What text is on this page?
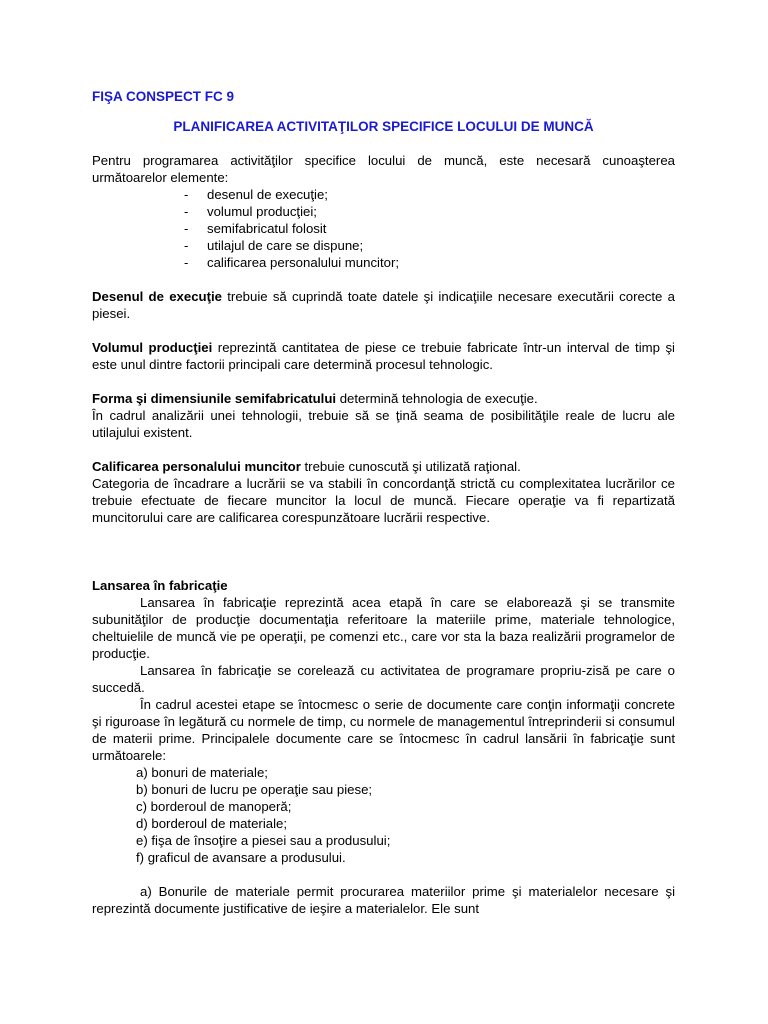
FIŞA CONSPECT FC 9
PLANIFICAREA ACTIVITAŢILOR SPECIFICE LOCULUI DE MUNCĂ

Pentru programarea activităţilor specifice locului de muncă, este necesară cunoaşterea următoarelor elemente:

- desenul de execuţie;
- volumul producţiei;
- semifabricatul folosit
- utilajul de care se dispune;
- calificarea personalului muncitor;

Desenul de execuţie trebuie să cuprindă toate datele şi indicaţiile necesare executării corecte a piesei.

Volumul producţiei reprezintă cantitatea de piese ce trebuie fabricate într-un interval de timp şi este unul dintre factorii principali care determină procesul tehnologic.

Forma şi dimensiunile semifabricatului determină tehnologia de execuţie.

În cadrul analizării unei tehnologii, trebuie să se ţină seama de posibilităţile reale de lucru ale utilajului existent.

Calificarea personalului muncitor trebuie cunoscută şi utilizată raţional.

Categoria de încadrare a lucrării se va stabili în concordanţă strictă cu complexitatea lucrărilor ce trebuie efectuate de fiecare muncitor la locul de muncă. Fiecare operaţie va fi repartizată muncitorului care are calificarea corespunzătoare lucrării respective.

Lansarea în fabricaţie

Lansarea în fabricaţie reprezintă acea etapă în care se elaborează şi se transmite subunităţilor de producţie documentaţia referitoare la materiile prime, materiale tehnologice, cheltuielile de muncă vie pe operaţii, pe comenzi etc., care vor sta la baza realizării programelor de producţie.

Lansarea în fabricaţie se corelează cu activitatea de programare propriu-zisă pe care o succedă.

În cadrul acestei etape se întocmesc o serie de documente care conţin informaţii concrete şi riguroase în legătură cu normele de timp, cu normele de managementul întreprinderii si consumul de materii prime. Principalele documente care se întocmesc în cadrul lansării în fabricaţie sunt următoarele:

a) bonuri de materiale;
b) bonuri de lucru pe operaţie sau piese;
c) borderoul de manoperă;
d) borderoul de materiale;
e) fişa de însoţire a piesei sau a produsului;
f) graficul de avansare a produsului.

a) Bonurile de materiale permit procurarea materiilor prime şi materialelor necesare şi reprezintă documente justificative de ieşire a materialelor. Ele sunt
